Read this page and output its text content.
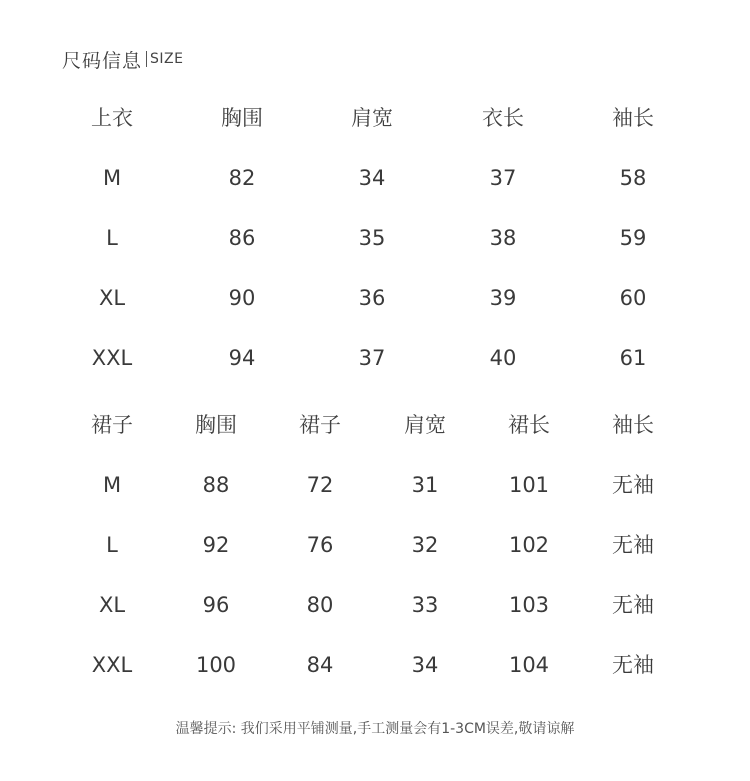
尺码信息 SIZE
上衣	胸围	肩宽	衣长	袖长
M	82	34	37	58
L	86	35	38	59
XL	90	36	39	60
XXL	94	37	40	61
裙子	胸围	裙子	肩宽	裙长	袖长
M	88	72	31	101	无袖
L	92	76	32	102	无袖
XL	96	80	33	103	无袖
XXL	100	84	34	104	无袖
温馨提示: 我们采用平铺测量,手工测量会有1-3CM误差,敬请谅解
